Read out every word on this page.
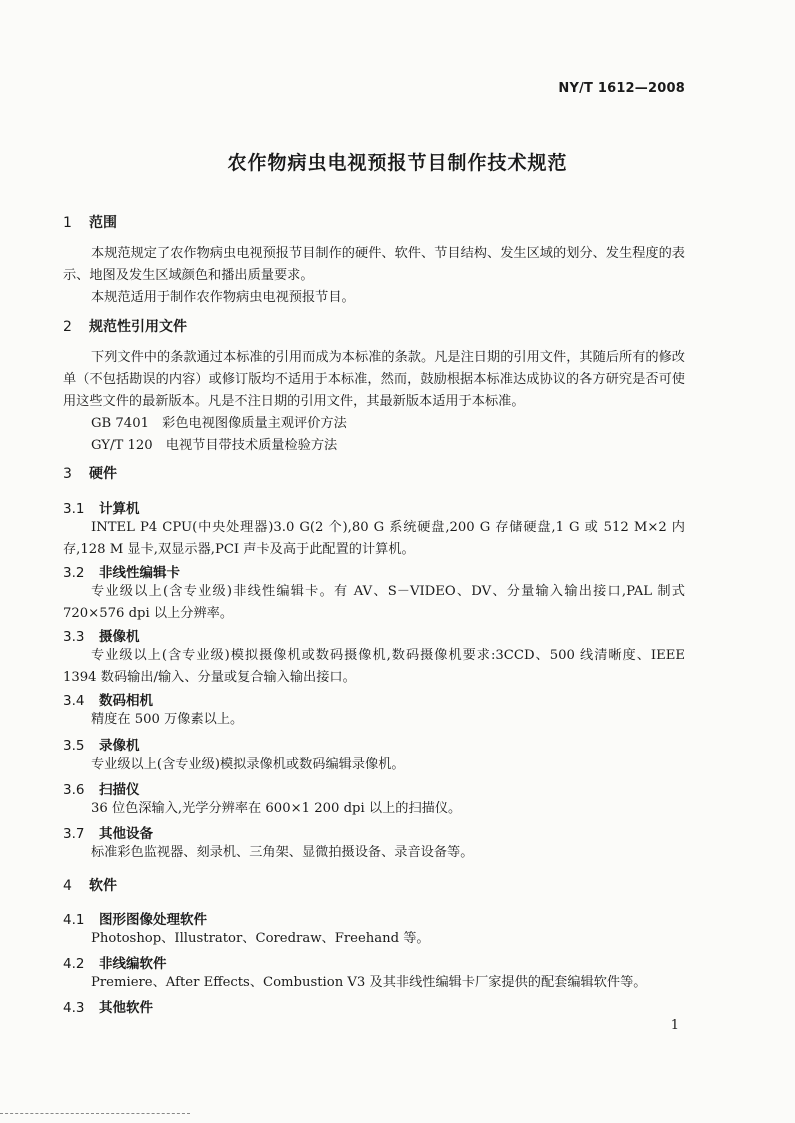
NY/T 1612—2008
农作物病虫电视预报节目制作技术规范
1 范围
本规范规定了农作物病虫电视预报节目制作的硬件、软件、节目结构、发生区域的划分、发生程度的表示、地图及发生区域颜色和播出质量要求。
本规范适用于制作农作物病虫电视预报节目。
2 规范性引用文件
下列文件中的条款通过本标准的引用而成为本标准的条款。凡是注日期的引用文件，其随后所有的修改单（不包括勘误的内容）或修订版均不适用于本标准，然而，鼓励根据本标准达成协议的各方研究是否可使用这些文件的最新版本。凡是不注日期的引用文件，其最新版本适用于本标准。
GB 7401　彩色电视图像质量主观评价方法
GY/T 120　电视节目带技术质量检验方法
3 硬件
3.1 计算机
INTEL P4 CPU(中央处理器)3.0 G(2 个),80 G 系统硬盘,200 G 存储硬盘,1 G 或 512 M×2 内存,128 M 显卡,双显示器,PCI 声卡及高于此配置的计算机。
3.2 非线性编辑卡
专业级以上(含专业级)非线性编辑卡。有 AV、S－VIDEO、DV、分量输入输出接口,PAL 制式 720×576 dpi 以上分辨率。
3.3 摄像机
专业级以上(含专业级)模拟摄像机或数码摄像机,数码摄像机要求:3CCD、500 线清晰度、IEEE 1394 数码输出/输入、分量或复合输入输出接口。
3.4 数码相机
精度在 500 万像素以上。
3.5 录像机
专业级以上(含专业级)模拟录像机或数码编辑录像机。
3.6 扫描仪
36 位色深输入,光学分辨率在 600×1 200 dpi 以上的扫描仪。
3.7 其他设备
标准彩色监视器、刻录机、三角架、显微拍摄设备、录音设备等。
4 软件
4.1 图形图像处理软件
Photoshop、Illustrator、Coredraw、Freehand 等。
4.2 非线编软件
Premiere、After Effects、Combustion V3 及其非线性编辑卡厂家提供的配套编辑软件等。
4.3 其他软件
1
